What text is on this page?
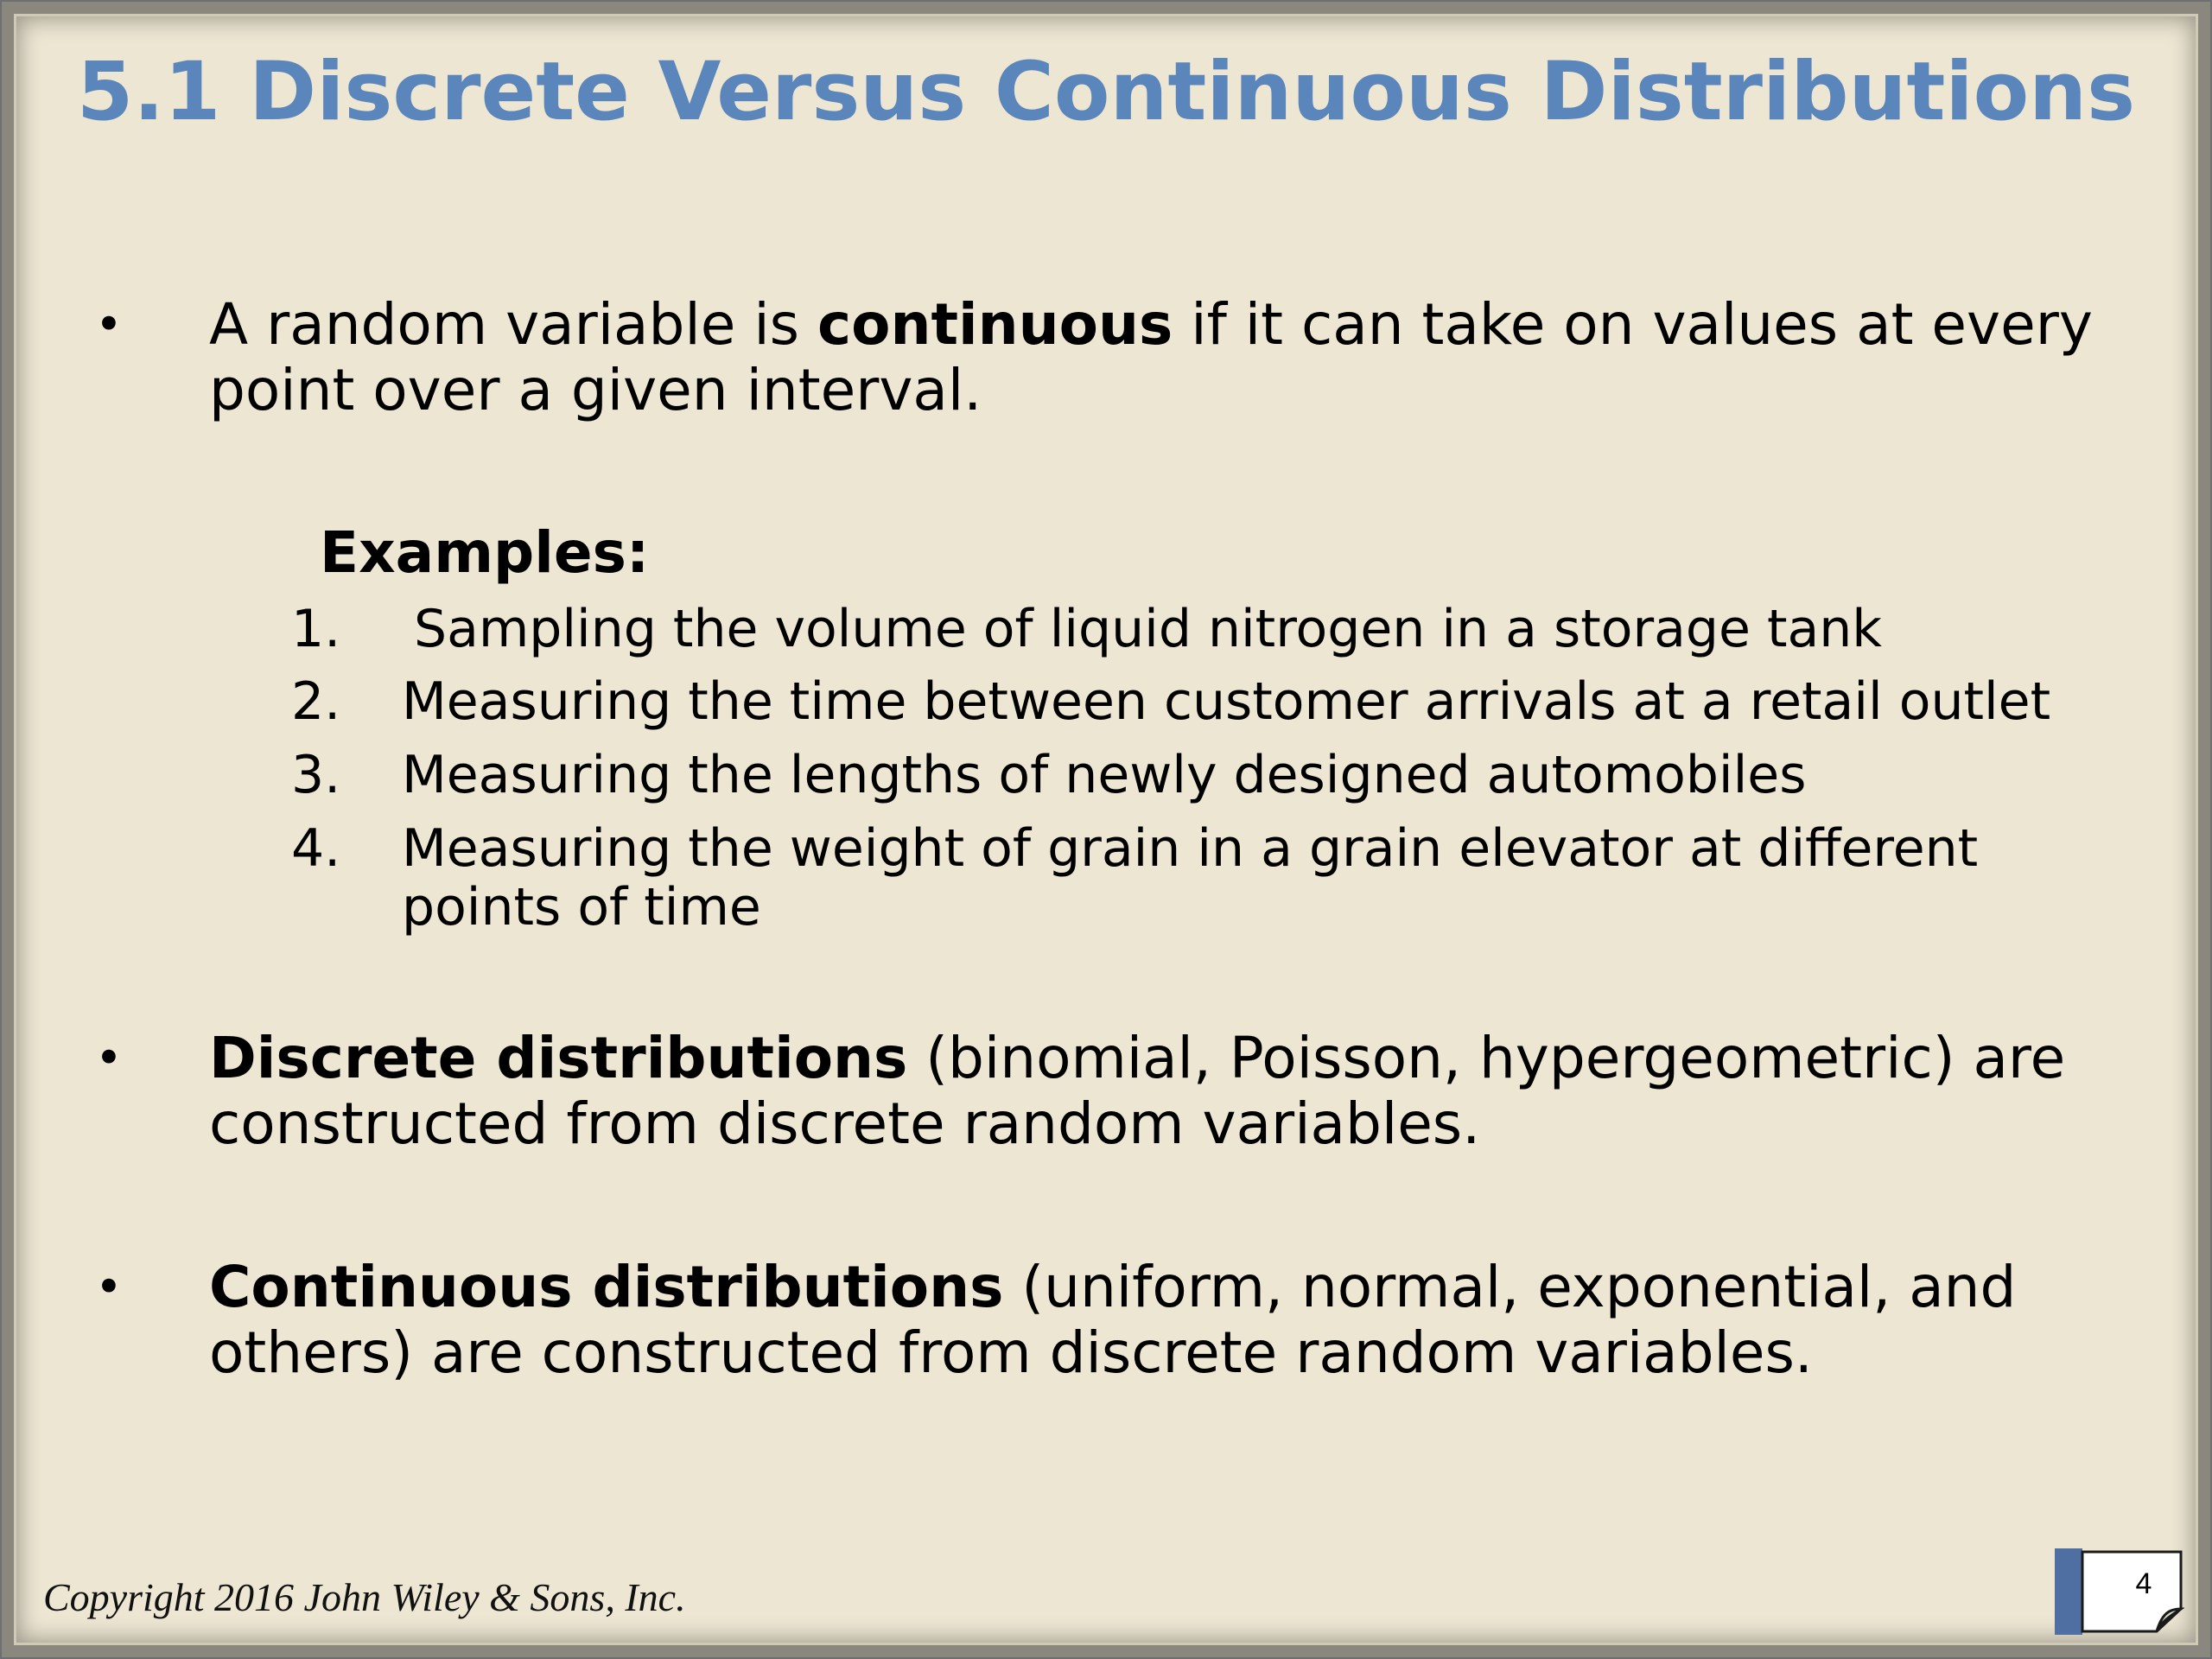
5.1 Discrete Versus Continuous Distributions
• A random variable is continuous if it can take on values at every point over a given interval.
Examples:
1. Sampling the volume of liquid nitrogen in a storage tank
2. Measuring the time between customer arrivals at a retail outlet
3. Measuring the lengths of newly designed automobiles
4. Measuring the weight of grain in a grain elevator at different points of time
• Discrete distributions (binomial, Poisson, hypergeometric) are constructed from discrete random variables.
• Continuous distributions (uniform, normal, exponential, and others) are constructed from discrete random variables.
Copyright 2016 John Wiley & Sons, Inc.	4
